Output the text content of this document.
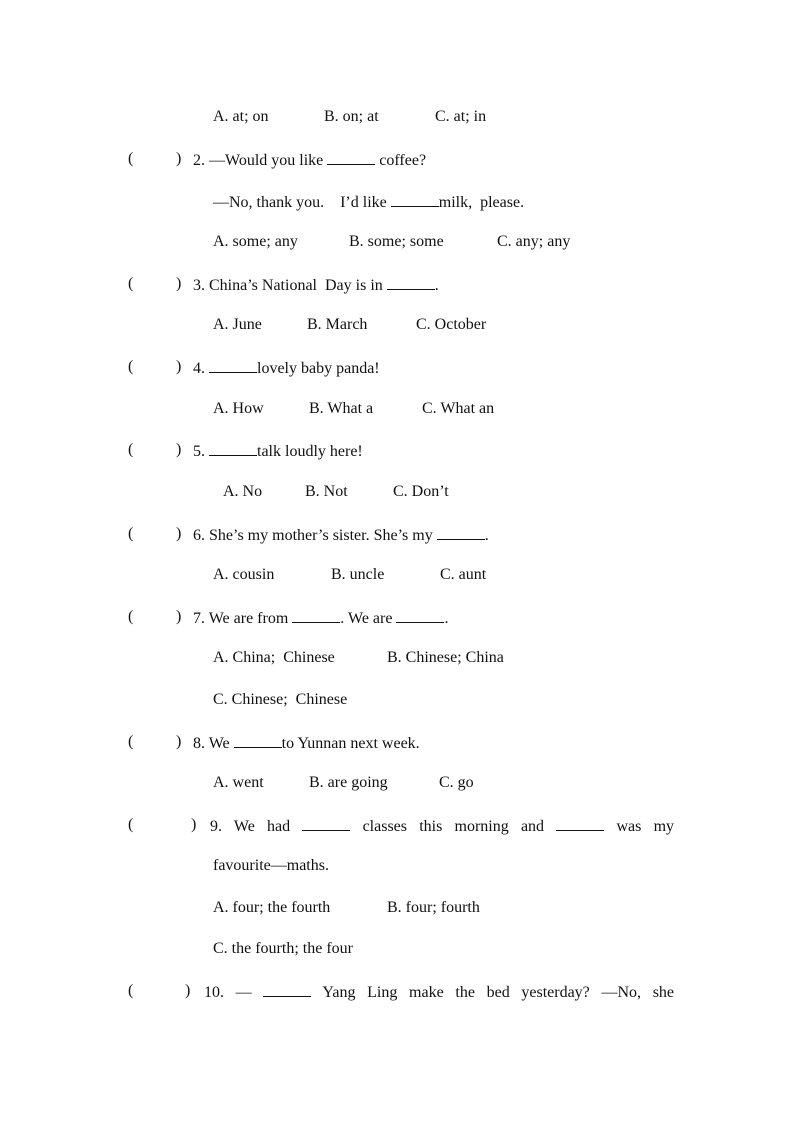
A. at; on	B. on; at	C. at; in
(	) 2. —Would you like	coffee?
—No, thank you.    I’d like	milk,  please.
A. some; any	B. some; some	C. any; any
(	) 3. China’s National  Day is in	.
A. June	B. March	C. October
(	) 4.	lovely baby panda!
A. How	B. What a	C. What an
(	) 5.	talk loudly here!
A. No	B. Not	C. Don’t
(	) 6. She’s my mother’s sister. She’s my	.
A. cousin	B. uncle	C. aunt
(	) 7. We are from	. We are	.
A. China;  Chinese	B. Chinese; China
C. Chinese;  Chinese
(	) 8. We	to Yunnan next week.
A. went	B. are going	C. go
(	) 9. We had	classes this morning and	was my
favourite—maths.
A. four; the fourth	B. four; fourth
C. the fourth; the four
(	) 10. —	Yang Ling make the bed yesterday? —No, she
